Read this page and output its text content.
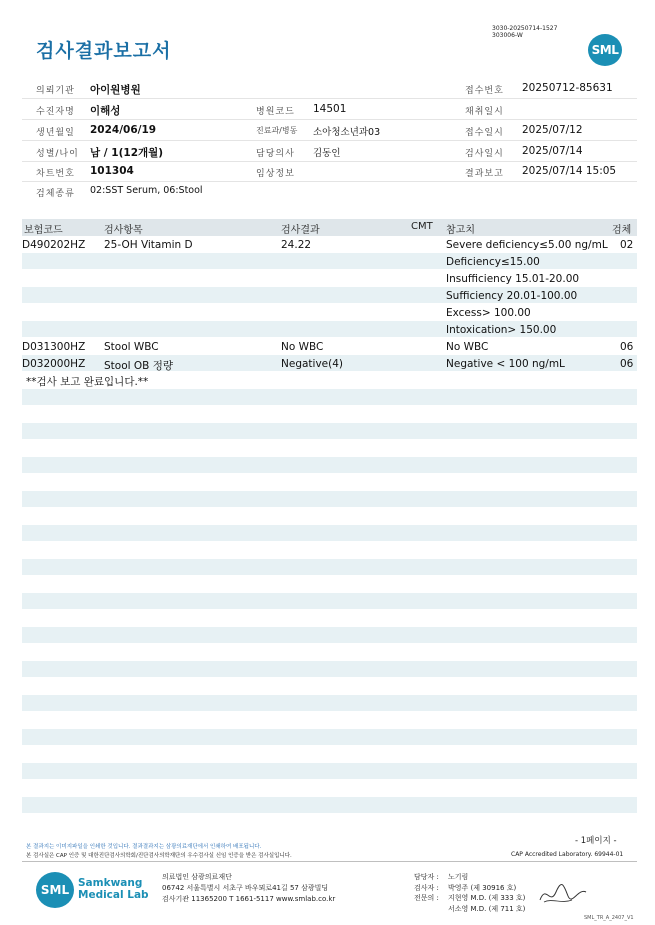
검사결과보고서
3030-20250714-1527
303006-W
SML
의뢰기관 아이원병원	접수번호 20250712-85631
수진자명 이해성	병원코드 14501	채취일시
생년월일 2024/06/19	진료과/병동 소아청소년과03	접수일시 2025/07/12
성별/나이 남 / 1(12개월)	담당의사 김동인	검사일시 2025/07/14
차트번호 101304	임상정보	결과보고 2025/07/14 15:05
검체종류 02:SST Serum, 06:Stool
보험코드	검사항목	검사결과	CMT 참고치	검체
D490202HZ 25-OH Vitamin D	24.22	Severe deficiency≤5.00 ng/mL 02
Deficiency≤15.00
Insufficiency 15.01-20.00
Sufficiency 20.01-100.00
Excess> 100.00
Intoxication> 150.00
D031300HZ Stool WBC	No WBC	No WBC	06
D032000HZ Stool OB 정량	Negative(4)	Negative < 100 ng/mL	06
**검사 보고 완료입니다.**
본 결과지는 이미지파일을 인쇄한 것입니다. 결과결과지는 삼광의료재단에서 인쇄하여 배포됩니다.
본 검사실은 CAP 인증 및 대한진단검사의학회/진단검사의학재단의 우수검사실 신임 인증을 받은 검사실입니다.
- 1페이지 -
CAP Accredited Laboratory. 69944-01
SML Samkwang
Medical Lab
의료법인 삼광의료재단
06742 서울특별시 서초구 바우뫼로41길 57 삼광빌딩
검사기관 11365200 T 1661-5117 www.smlab.co.kr
담당자 : 노기림
검사자 : 박영주 (제 30916 호)
전문의 : 지현영 M.D. (제 333 호)
서소영 M.D. (제 711 호)
SML_TR_A_2407_V1
